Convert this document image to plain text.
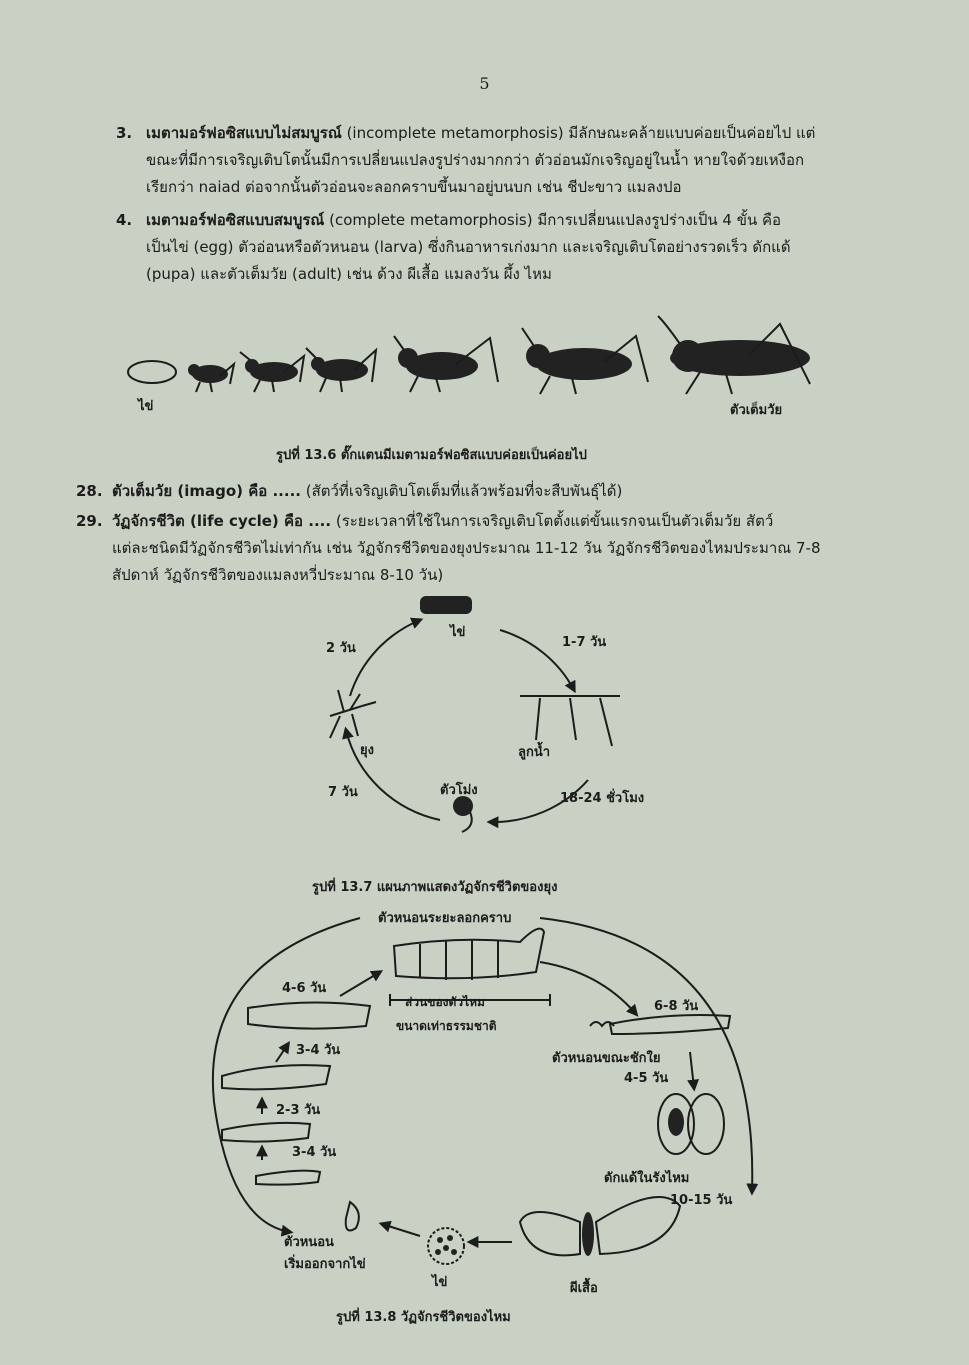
5
3. เมตามอร์ฟอซิสแบบไม่สมบูรณ์ (incomplete metamorphosis) มีลักษณะคล้ายแบบค่อยเป็นค่อยไป แต่
ขณะที่มีการเจริญเติบโตนั้นมีการเปลี่ยนแปลงรูปร่างมากกว่า ตัวอ่อนมักเจริญอยู่ในน้ำ หายใจด้วยเหงือก
เรียกว่า naiad ต่อจากนั้นตัวอ่อนจะลอกคราบขึ้นมาอยู่บนบก เช่น ชีปะขาว แมลงปอ
4. เมตามอร์ฟอซิสแบบสมบูรณ์ (complete metamorphosis) มีการเปลี่ยนแปลงรูปร่างเป็น 4 ขั้น คือ
เป็นไข่ (egg) ตัวอ่อนหรือตัวหนอน (larva) ซึ่งกินอาหารเก่งมาก และเจริญเติบโตอย่างรวดเร็ว ดักแด้
(pupa) และตัวเต็มวัย (adult) เช่น ด้วง ผีเสื้อ แมลงวัน ผึ้ง ไหม
ไข่	ตัวเต็มวัย
รูปที่ 13.6 ตั๊กแตนมีเมตามอร์ฟอซิสแบบค่อยเป็นค่อยไป
28. ตัวเต็มวัย (imago) คือ ..... (สัตว์ที่เจริญเติบโตเต็มที่แล้วพร้อมที่จะสืบพันธุ์ได้)
29. วัฏจักรชีวิต (life cycle) คือ .... (ระยะเวลาที่ใช้ในการเจริญเติบโตตั้งแต่ขั้นแรกจนเป็นตัวเต็มวัย สัตว์
แต่ละชนิดมีวัฏจักรชีวิตไม่เท่ากัน เช่น วัฏจักรชีวิตของยุงประมาณ 11-12 วัน วัฏจักรชีวิตของไหมประมาณ 7-8
สัปดาห์ วัฏจักรชีวิตของแมลงหวี่ประมาณ 8-10 วัน)
ไข่
1-7 วัน
ลูกน้ำ
18-24 ชั่วโมง
ตัวโม่ง
7 วัน
ยุง
2 วัน
รูปที่ 13.7 แผนภาพแสดงวัฏจักรชีวิตของยุง
ตัวหนอนระยะลอกคราบ
ส่วนของตัวไหม
ขนาดเท่าธรรมชาติ
6-8 วัน
ตัวหนอนขณะชักใย
4-5 วัน
ดักแด้ในรังไหม
10-15 วัน
ผีเสื้อ
ไข่
ตัวหนอน
เริ่มออกจากไข่
3-4 วัน
2-3 วัน
3-4 วัน
4-6 วัน
รูปที่ 13.8 วัฏจักรชีวิตของไหม
